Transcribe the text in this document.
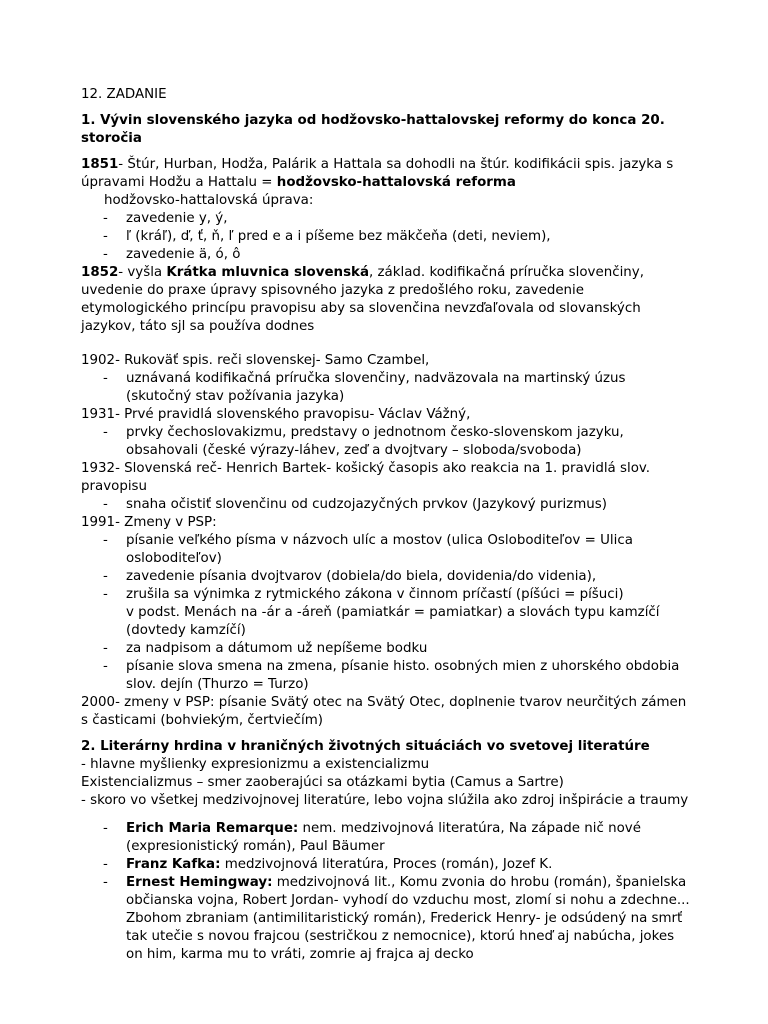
12. ZADANIE

1. Vývin slovenského jazyka od hodžovsko-hattalovskej reformy do konca 20. storočia

1851- Štúr, Hurban, Hodža, Palárik a Hattala sa dohodli na štúr. kodifikácii spis. jazyka s úpravami Hodžu a Hattalu = hodžovsko-hattalovská reforma

hodžovsko-hattalovská úprava:

- zavedenie y, ý,
- ľ (kráľ), ď, ť, ň, ľ pred e a i píšeme bez mäkčeňa (deti, neviem),
- zavedenie ä, ó, ô

1852- vyšla Krátka mluvnica slovenská, základ. kodifikačná príručka slovenčiny, uvedenie do praxe úpravy spisovného jazyka z predošlého roku, zavedenie etymologického princípu pravopisu aby sa slovenčina nevzďaľovala od slovanských jazykov, táto sjl sa používa dodnes

1902- Rukoväť spis. reči slovenskej- Samo Czambel,

- uznávaná kodifikačná príručka slovenčiny, nadväzovala na martinský úzus (skutočný stav požívania jazyka)

1931- Prvé pravidlá slovenského pravopisu- Václav Vážný,

- prvky čechoslovakizmu, predstavy o jednotnom česko-slovenskom jazyku, obsahovali (české výrazy-láhev, zeď a dvojtvary – sloboda/svoboda)

1932- Slovenská reč- Henrich Bartek- košický časopis ako reakcia na 1. pravidlá slov. pravopisu

- snaha očistiť slovenčinu od cudzojazyčných prvkov (Jazykový purizmus)

1991- Zmeny v PSP:

- písanie veľkého písma v názvoch ulíc a mostov (ulica Osloboditeľov = Ulica osloboditeľov)
- zavedenie písania dvojtvarov (dobiela/do biela, dovidenia/do videnia),
- zrušila sa výnimka z rytmického zákona v činnom príčastí (píšúci = píšuci)
v podst. Menách na -ár a -áreň (pamiatkár = pamiatkar) a slovách typu kamzíčí (dovtedy kamzíčí)
- za nadpisom a dátumom už nepíšeme bodku
- písanie slova smena na zmena, písanie histo. osobných mien z uhorského obdobia slov. dejín (Thurzo = Turzo)

2000- zmeny v PSP: písanie Svätý otec na Svätý Otec, doplnenie tvarov neurčitých zámen s časticami (bohviekým, čertviečím)

2. Literárny hrdina v hraničných životných situáciách vo svetovej literatúre

- hlavne myšlienky expresionizmu a existencializmu

Existencializmus – smer zaoberajúci sa otázkami bytia (Camus a Sartre)

- skoro vo všetkej medzivojnovej literatúre, lebo vojna slúžila ako zdroj inšpirácie a traumy

- Erich Maria Remarque: nem. medzivojnová literatúra, Na západe nič nové (expresionistický román), Paul Bäumer
- Franz Kafka: medzivojnová literatúra, Proces (román), Jozef K.
- Ernest Hemingway: medzivojnová lit., Komu zvonia do hrobu (román), španielska občianska vojna, Robert Jordan- vyhodí do vzduchu most, zlomí si nohu a zdechne...
Zbohom zbraniam (antimilitaristický román), Frederick Henry- je odsúdený na smrť tak utečie s novou frajcou (sestričkou z nemocnice), ktorú hneď aj nabúcha, jokes on him, karma mu to vráti, zomrie aj frajca aj decko
